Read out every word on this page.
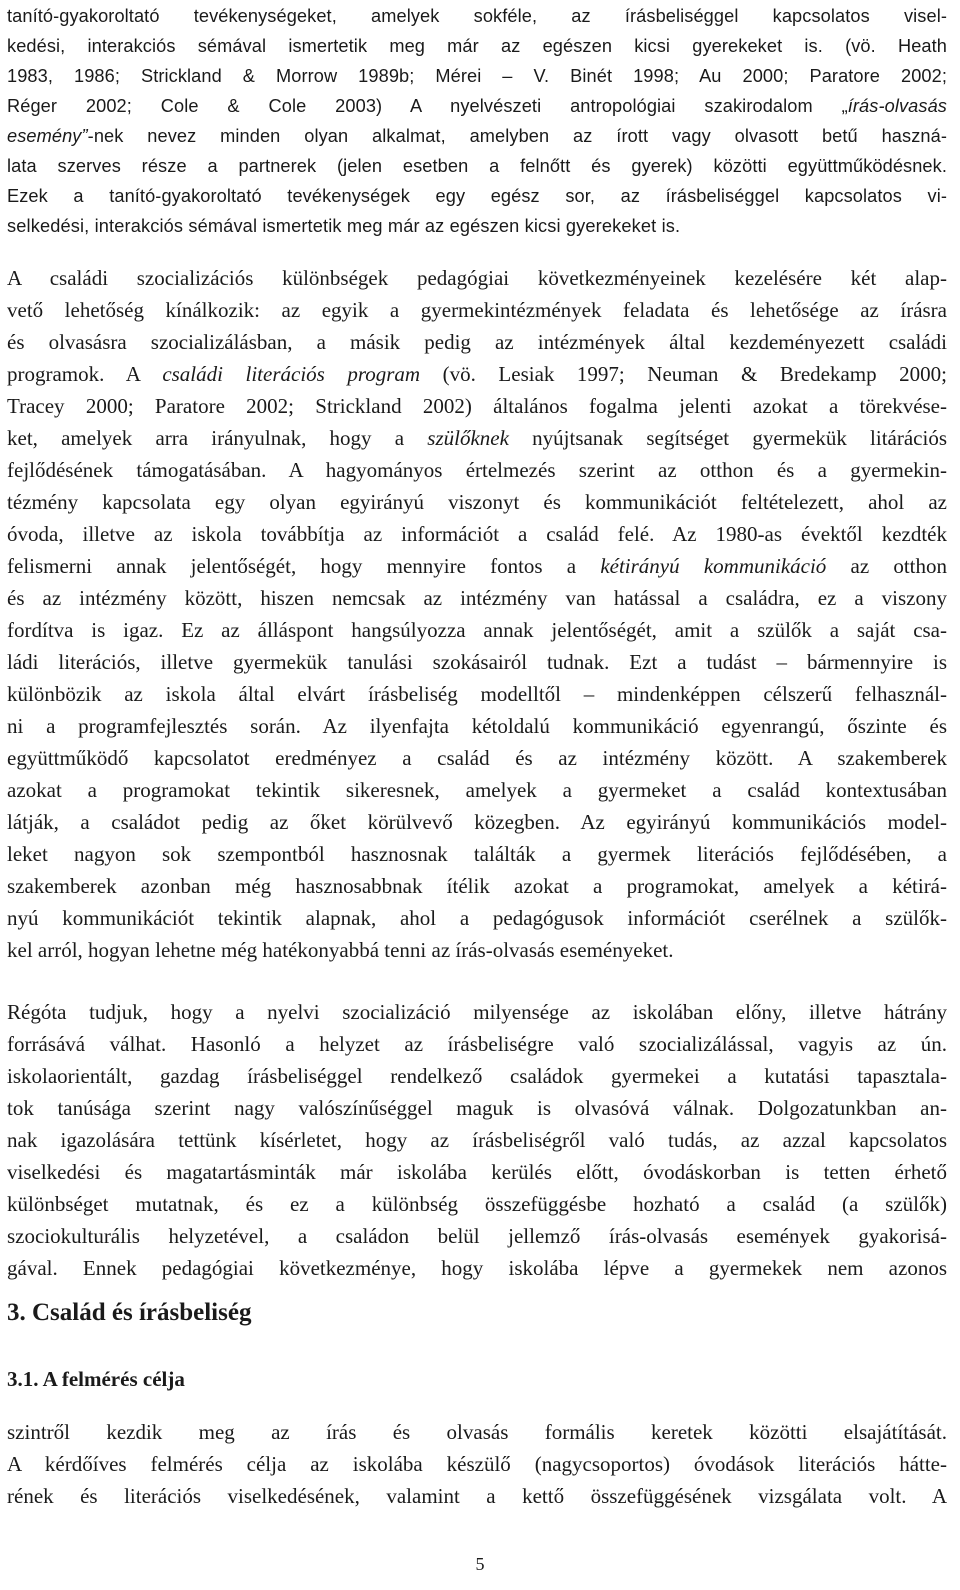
tanító-gyakoroltató tevékenységeket, amelyek sokféle, az írásbeliséggel kapcsolatos visel-
kedési, interakciós sémával ismertetik meg már az egészen kicsi gyerekeket is. (vö. Heath
1983, 1986; Strickland & Morrow 1989b; Mérei – V. Binét 1998; Au 2000; Paratore 2002;
Réger 2002; Cole & Cole 2003) A nyelvészeti antropológiai szakirodalom „írás-olvasás
esemény”-nek nevez minden olyan alkalmat, amelyben az írott vagy olvasott betű haszná-
lata szerves része a partnerek (jelen esetben a felnőtt és gyerek) közötti együttműködésnek.
Ezek a tanító-gyakoroltató tevékenységek egy egész sor, az írásbeliséggel kapcsolatos vi-
selkedési, interakciós sémával ismertetik meg már az egészen kicsi gyerekeket is.
A családi szocializációs különbségek pedagógiai következményeinek kezelésére két alap-
vető lehetőség kínálkozik: az egyik a gyermekintézmények feladata és lehetősége az írásra
és olvasásra szocializálásban, a másik pedig az intézmények által kezdeményezett családi
programok. A családi literációs program (vö. Lesiak 1997; Neuman & Bredekamp 2000;
Tracey 2000; Paratore 2002; Strickland 2002) általános fogalma jelenti azokat a törekvése-
ket, amelyek arra irányulnak, hogy a szülőknek nyújtsanak segítséget gyermekük litárációs
fejlődésének támogatásában. A hagyományos értelmezés szerint az otthon és a gyermekin-
tézmény kapcsolata egy olyan egyirányú viszonyt és kommunikációt feltételezett, ahol az
óvoda, illetve az iskola továbbítja az információt a család felé. Az 1980-as évektől kezdték
felismerni annak jelentőségét, hogy mennyire fontos a kétirányú kommunikáció az otthon
és az intézmény között, hiszen nemcsak az intézmény van hatással a családra, ez a viszony
fordítva is igaz. Ez az álláspont hangsúlyozza annak jelentőségét, amit a szülők a saját csa-
ládi literációs, illetve gyermekük tanulási szokásairól tudnak. Ezt a tudást – bármennyire is
különbözik az iskola által elvárt írásbeliség modelltől – mindenképpen célszerű felhasznál-
ni a programfejlesztés során. Az ilyenfajta kétoldalú kommunikáció egyenrangú, őszinte és
együttműködő kapcsolatot eredményez a család és az intézmény között. A szakemberek
azokat a programokat tekintik sikeresnek, amelyek a gyermeket a család kontextusában
látják, a családot pedig az őket körülvevő közegben. Az egyirányú kommunikációs model-
leket nagyon sok szempontból hasznosnak találták a gyermek literációs fejlődésében, a
szakemberek azonban még hasznosabbnak ítélik azokat a programokat, amelyek a kétirá-
nyú kommunikációt tekintik alapnak, ahol a pedagógusok információt cserélnek a szülők-
kel arról, hogyan lehetne még hatékonyabbá tenni az írás-olvasás eseményeket.
Régóta tudjuk, hogy a nyelvi szocializáció milyensége az iskolában előny, illetve hátrány
forrásává válhat. Hasonló a helyzet az írásbeliségre való szocializálással, vagyis az ún.
iskolaorientált, gazdag írásbeliséggel rendelkező családok gyermekei a kutatási tapasztala-
tok tanúsága szerint nagy valószínűséggel maguk is olvasóvá válnak. Dolgozatunkban an-
nak igazolására tettünk kísérletet, hogy az írásbeliségről való tudás, az azzal kapcsolatos
viselkedési és magatartásminták már iskolába kerülés előtt, óvodáskorban is tetten érhető
különbséget mutatnak, és ez a különbség összefüggésbe hozható a család (a szülők)
szociokulturális helyzetével, a családon belül jellemző írás-olvasás események gyakorisá-
gával. Ennek pedagógiai következménye, hogy iskolába lépve a gyermekek nem azonos
3. Család és írásbeliség
3.1. A felmérés célja
szintről kezdik meg az írás és olvasás formális keretek közötti elsajátítását.
A kérdőíves felmérés célja az iskolába készülő (nagycsoportos) óvodások literációs hátte-
rének és literációs viselkedésének, valamint a kettő összefüggésének vizsgálata volt. A
5
